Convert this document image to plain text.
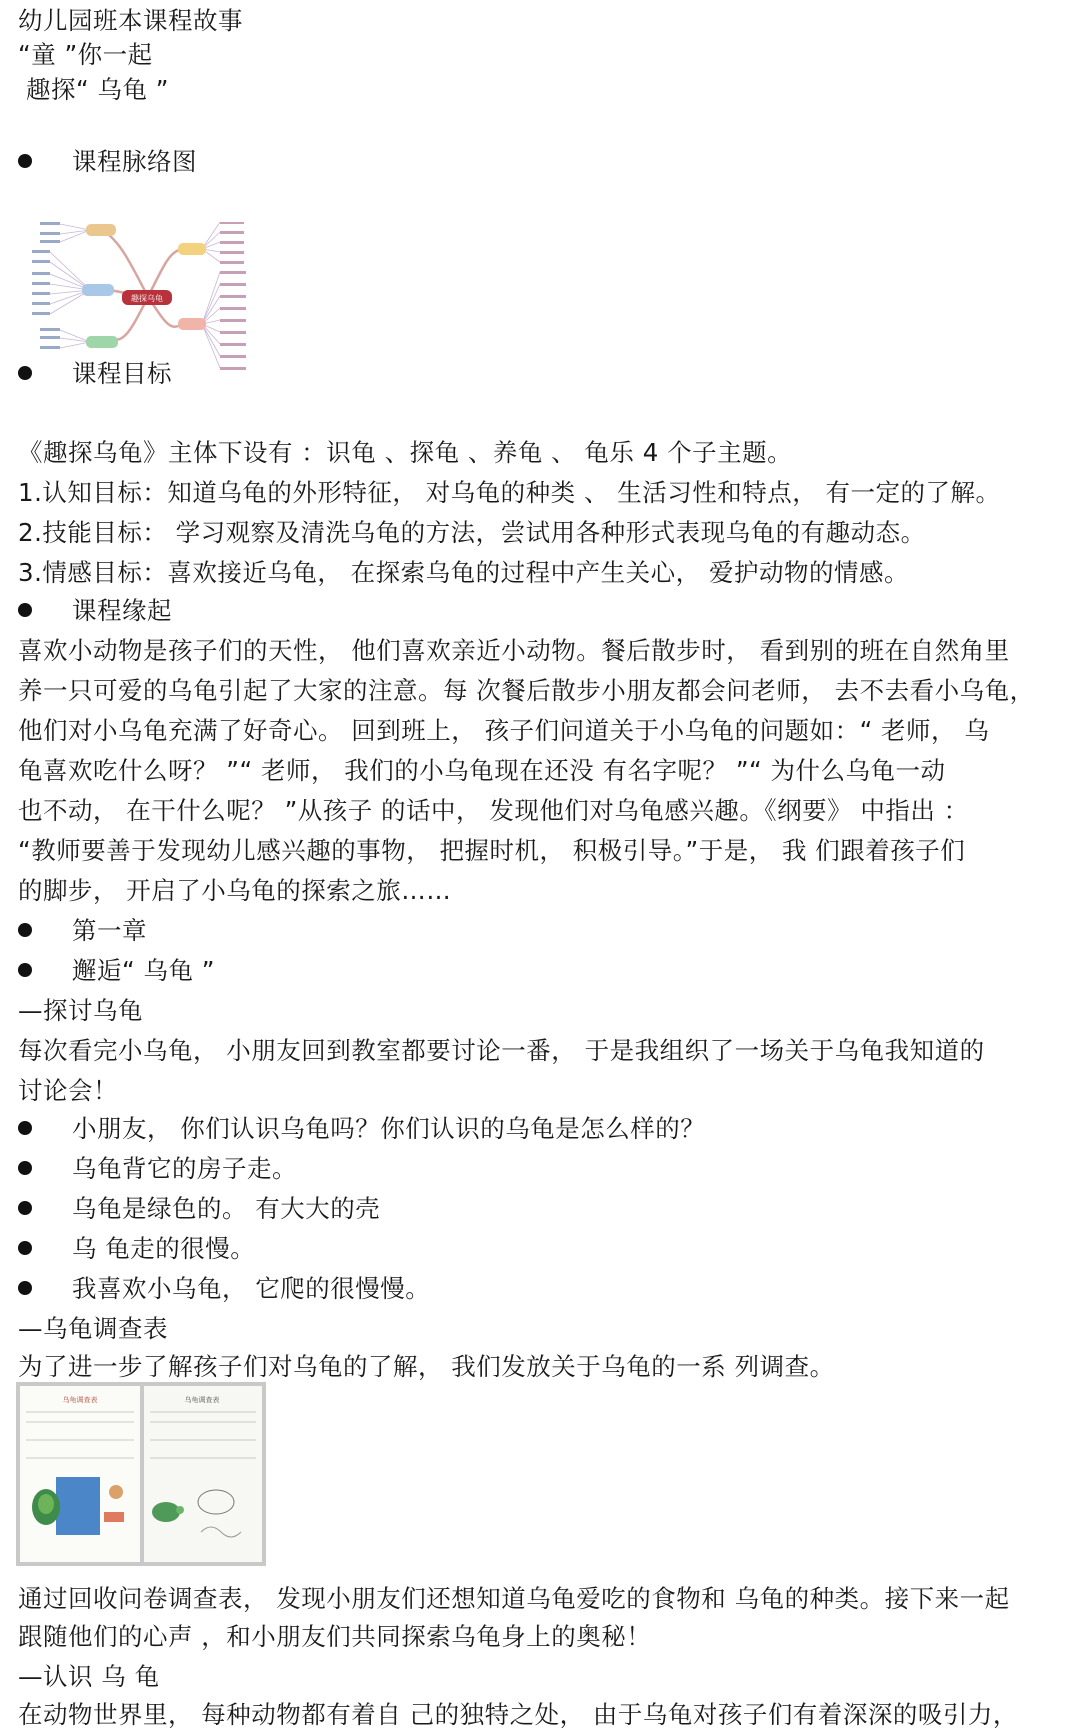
幼儿园班本课程故事
“童 ”你一起
趣探“ 乌龟 ”
课程脉络图
趣探乌龟
课程目标
《趣探乌龟》主体下设有 ：识龟 、探龟 、养龟 、 龟乐 4 个子主题。
1.认知目标：知道乌龟的外形特征， 对乌龟的种类 、 生活习性和特点， 有一定的了解。
2.技能目标： 学习观察及清洗乌龟的方法，尝试用各种形式表现乌龟的有趣动态。
3.情感目标：喜欢接近乌龟， 在探索乌龟的过程中产生关心， 爱护动物的情感。
课程缘起
喜欢小动物是孩子们的天性， 他们喜欢亲近小动物。餐后散步时， 看到别的班在自然角里
养一只可爱的乌龟引起了大家的注意。每 次餐后散步小朋友都会问老师， 去不去看小乌龟，
他们对小乌龟充满了好奇心。 回到班上， 孩子们问道关于小乌龟的问题如：“ 老师， 乌
龟喜欢吃什么呀？ ”“ 老师， 我们的小乌龟现在还没 有名字呢？ ”“ 为什么乌龟一动
也不动， 在干什么呢？ ”从孩子 的话中， 发现他们对乌龟感兴趣。《纲要》 中指出 ：
“教师要善于发现幼儿感兴趣的事物， 把握时机， 积极引导。”于是， 我 们跟着孩子们
的脚步， 开启了小乌龟的探索之旅……
第一章
邂逅“ 乌龟 ”
—探讨乌龟
每次看完小乌龟， 小朋友回到教室都要讨论一番， 于是我组织了一场关于乌龟我知道的
讨论会！
小朋友， 你们认识乌龟吗？你们认识的乌龟是怎么样的？
乌龟背它的房子走。
乌龟是绿色的。 有大大的壳
乌 龟走的很慢。
我喜欢小乌龟， 它爬的很慢慢。
—乌龟调查表
为了进一步了解孩子们对乌龟的了解， 我们发放关于乌龟的一系 列调查。
乌龟调查表	乌龟调查表
通过回收问卷调查表， 发现小朋友们还想知道乌龟爱吃的食物和 乌龟的种类。接下来一起
跟随他们的心声 ，和小朋友们共同探索乌龟身上的奥秘！
—认识 乌 龟
在动物世界里， 每种动物都有着自 己的独特之处， 由于乌龟对孩子们有着深深的吸引力，
